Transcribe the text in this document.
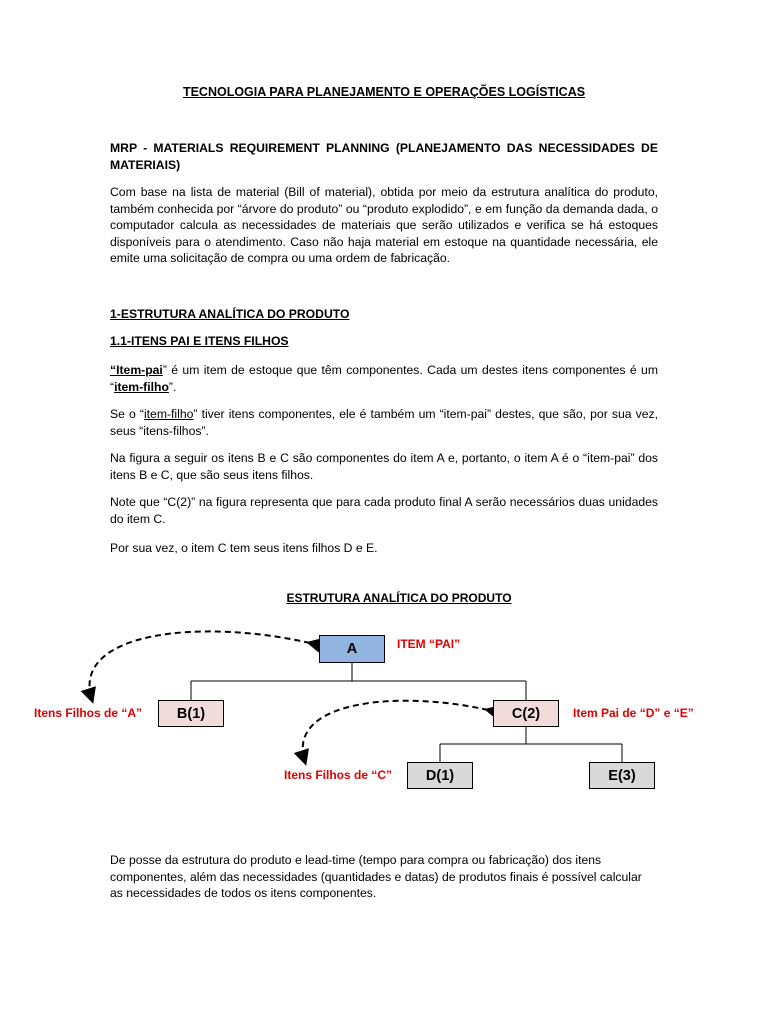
TECNOLOGIA PARA PLANEJAMENTO E OPERAÇÕES LOGÍSTICAS
MRP - MATERIALS REQUIREMENT PLANNING (PLANEJAMENTO DAS NECESSIDADES DE MATERIAIS)
Com base na lista de material (Bill of material), obtida por meio da estrutura analítica do produto, também conhecida por “árvore do produto” ou “produto explodido”, e em função da demanda dada, o computador calcula as necessidades de materiais que serão utilizados e verifica se há estoques disponíveis para o atendimento. Caso não haja material em estoque na quantidade necessária, ele emite uma solicitação de compra ou uma ordem de fabricação.
1-ESTRUTURA ANALÍTICA DO PRODUTO
1.1-ITENS PAI E ITENS FILHOS
“Item-pai” é um item de estoque que têm componentes. Cada um destes itens componentes é um “item-filho”.
Se o “item-filho” tiver itens componentes, ele é também um “item-pai” destes, que são, por sua vez, seus “itens-filhos”.
Na figura a seguir os itens B e C são componentes do item A e, portanto, o item A é o “item-pai” dos itens B e C, que são seus itens filhos.
Note que “C(2)” na figura representa que para cada produto final A serão necessários duas unidades do item C.
Por sua vez, o item C tem seus itens filhos D e E.
ESTRUTURA ANALÍTICA DO PRODUTO
A
B(1)	C(2)
D(1)	E(3)
ITEM “PAI”
Itens Filhos de “A”	Item Pai de “D” e “E”
Itens Filhos de “C”
De posse da estrutura do produto e lead-time (tempo para compra ou fabricação) dos itens componentes, além das necessidades (quantidades e datas) de produtos finais é possível calcular as necessidades de todos os itens componentes.
